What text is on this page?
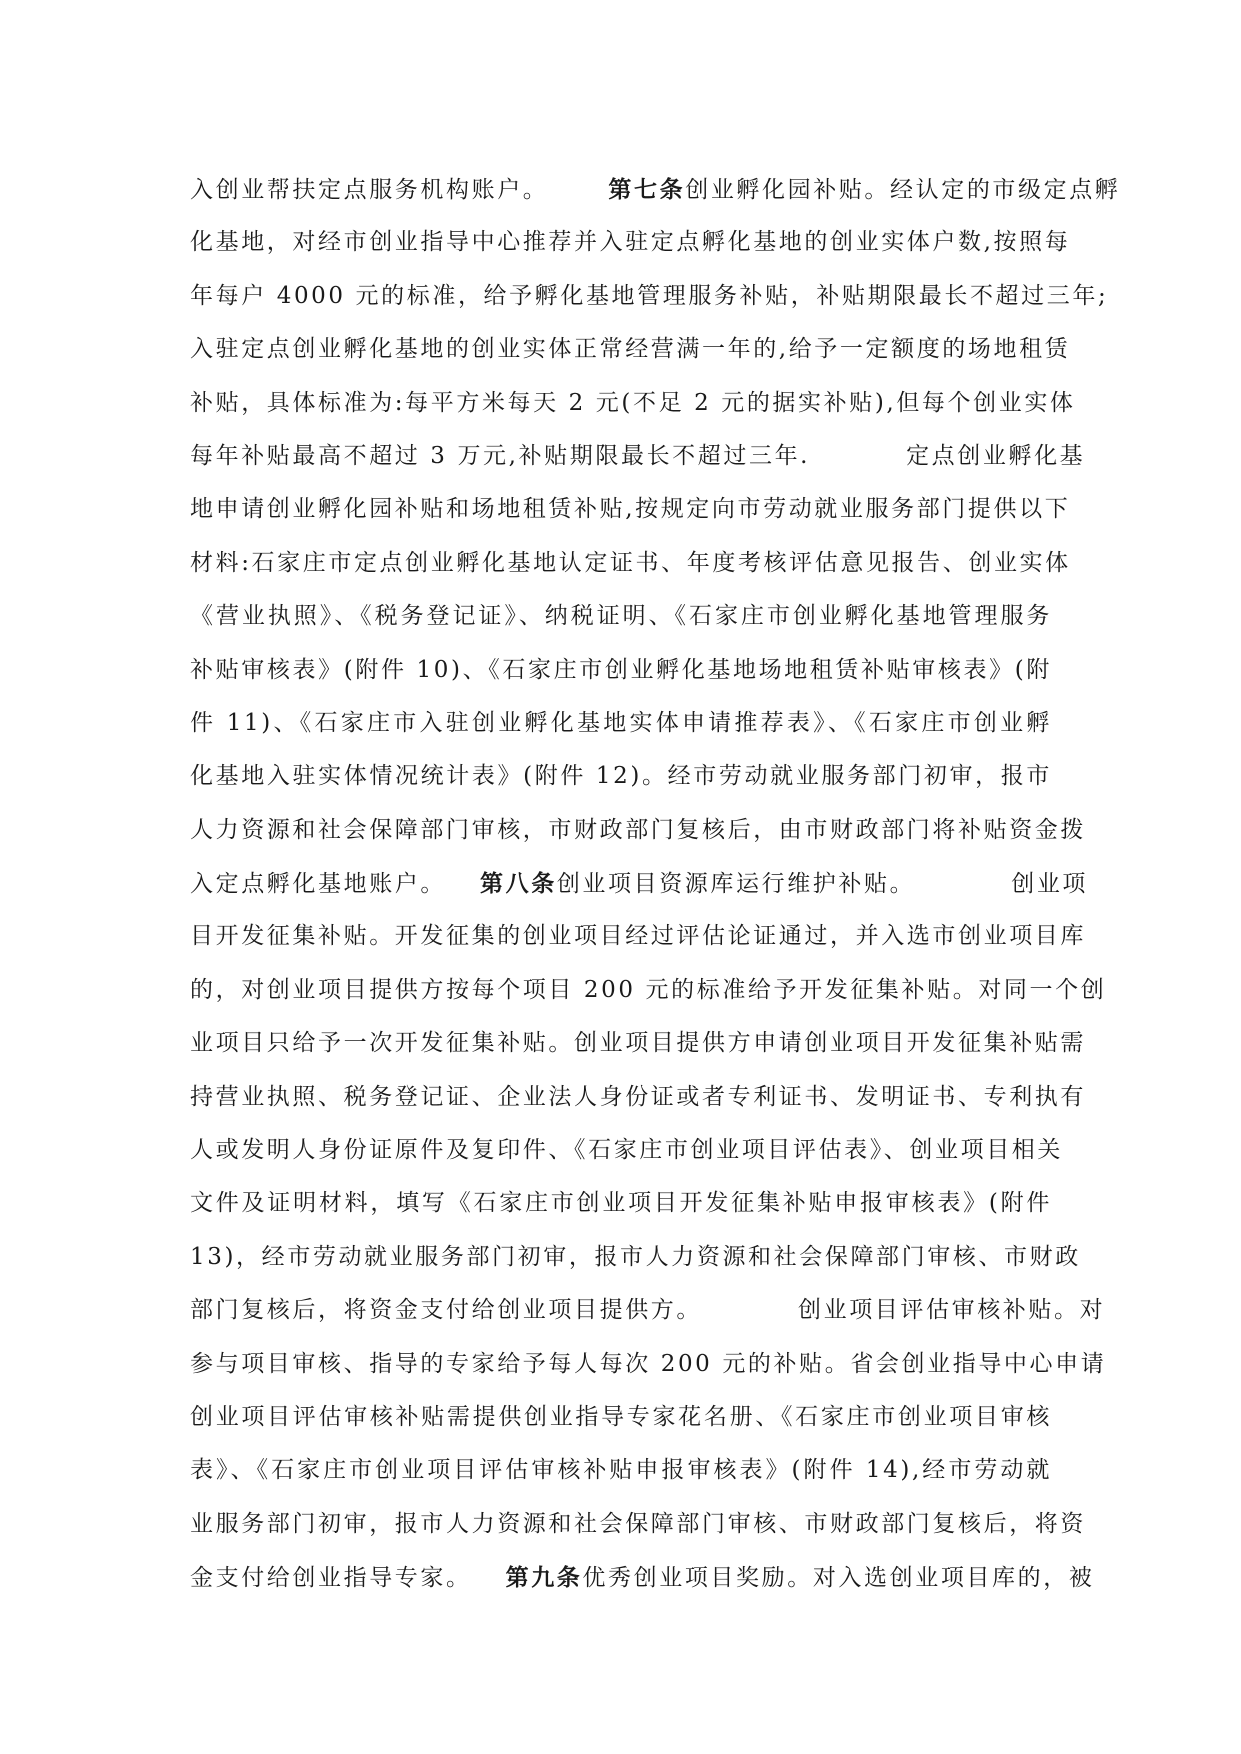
入创业帮扶定点服务机构账户。	第七条创业孵化园补贴。经认定的市级定点孵
化基地，对经市创业指导中心推荐并入驻定点孵化基地的创业实体户数,按照每
年每户 4000 元的标准，给予孵化基地管理服务补贴，补贴期限最长不超过三年;
入驻定点创业孵化基地的创业实体正常经营满一年的,给予一定额度的场地租赁
补贴，具体标准为:每平方米每天 2 元(不足 2 元的据实补贴),但每个创业实体
每年补贴最高不超过 3 万元,补贴期限最长不超过三年.	定点创业孵化基
地申请创业孵化园补贴和场地租赁补贴,按规定向市劳动就业服务部门提供以下
材料:石家庄市定点创业孵化基地认定证书、年度考核评估意见报告、创业实体
《营业执照》、《税务登记证》、纳税证明、《石家庄市创业孵化基地管理服务
补贴审核表》(附件 10)、《石家庄市创业孵化基地场地租赁补贴审核表》(附
件 11)、《石家庄市入驻创业孵化基地实体申请推荐表》、《石家庄市创业孵
化基地入驻实体情况统计表》(附件 12)。经市劳动就业服务部门初审，报市
人力资源和社会保障部门审核，市财政部门复核后，由市财政部门将补贴资金拨
入定点孵化基地账户。 第八条创业项目资源库运行维护补贴。	创业项
目开发征集补贴。开发征集的创业项目经过评估论证通过，并入选市创业项目库
的，对创业项目提供方按每个项目 200 元的标准给予开发征集补贴。对同一个创
业项目只给予一次开发征集补贴。创业项目提供方申请创业项目开发征集补贴需
持营业执照、税务登记证、企业法人身份证或者专利证书、发明证书、专利执有
人或发明人身份证原件及复印件、《石家庄市创业项目评估表》、创业项目相关
文件及证明材料，填写《石家庄市创业项目开发征集补贴申报审核表》(附件
13)，经市劳动就业服务部门初审，报市人力资源和社会保障部门审核、市财政
部门复核后，将资金支付给创业项目提供方。	创业项目评估审核补贴。对
参与项目审核、指导的专家给予每人每次 200 元的补贴。省会创业指导中心申请
创业项目评估审核补贴需提供创业指导专家花名册、《石家庄市创业项目审核
表》、《石家庄市创业项目评估审核补贴申报审核表》(附件 14),经市劳动就
业服务部门初审，报市人力资源和社会保障部门审核、市财政部门复核后，将资
金支付给创业指导专家。 第九条优秀创业项目奖励。对入选创业项目库的，被
